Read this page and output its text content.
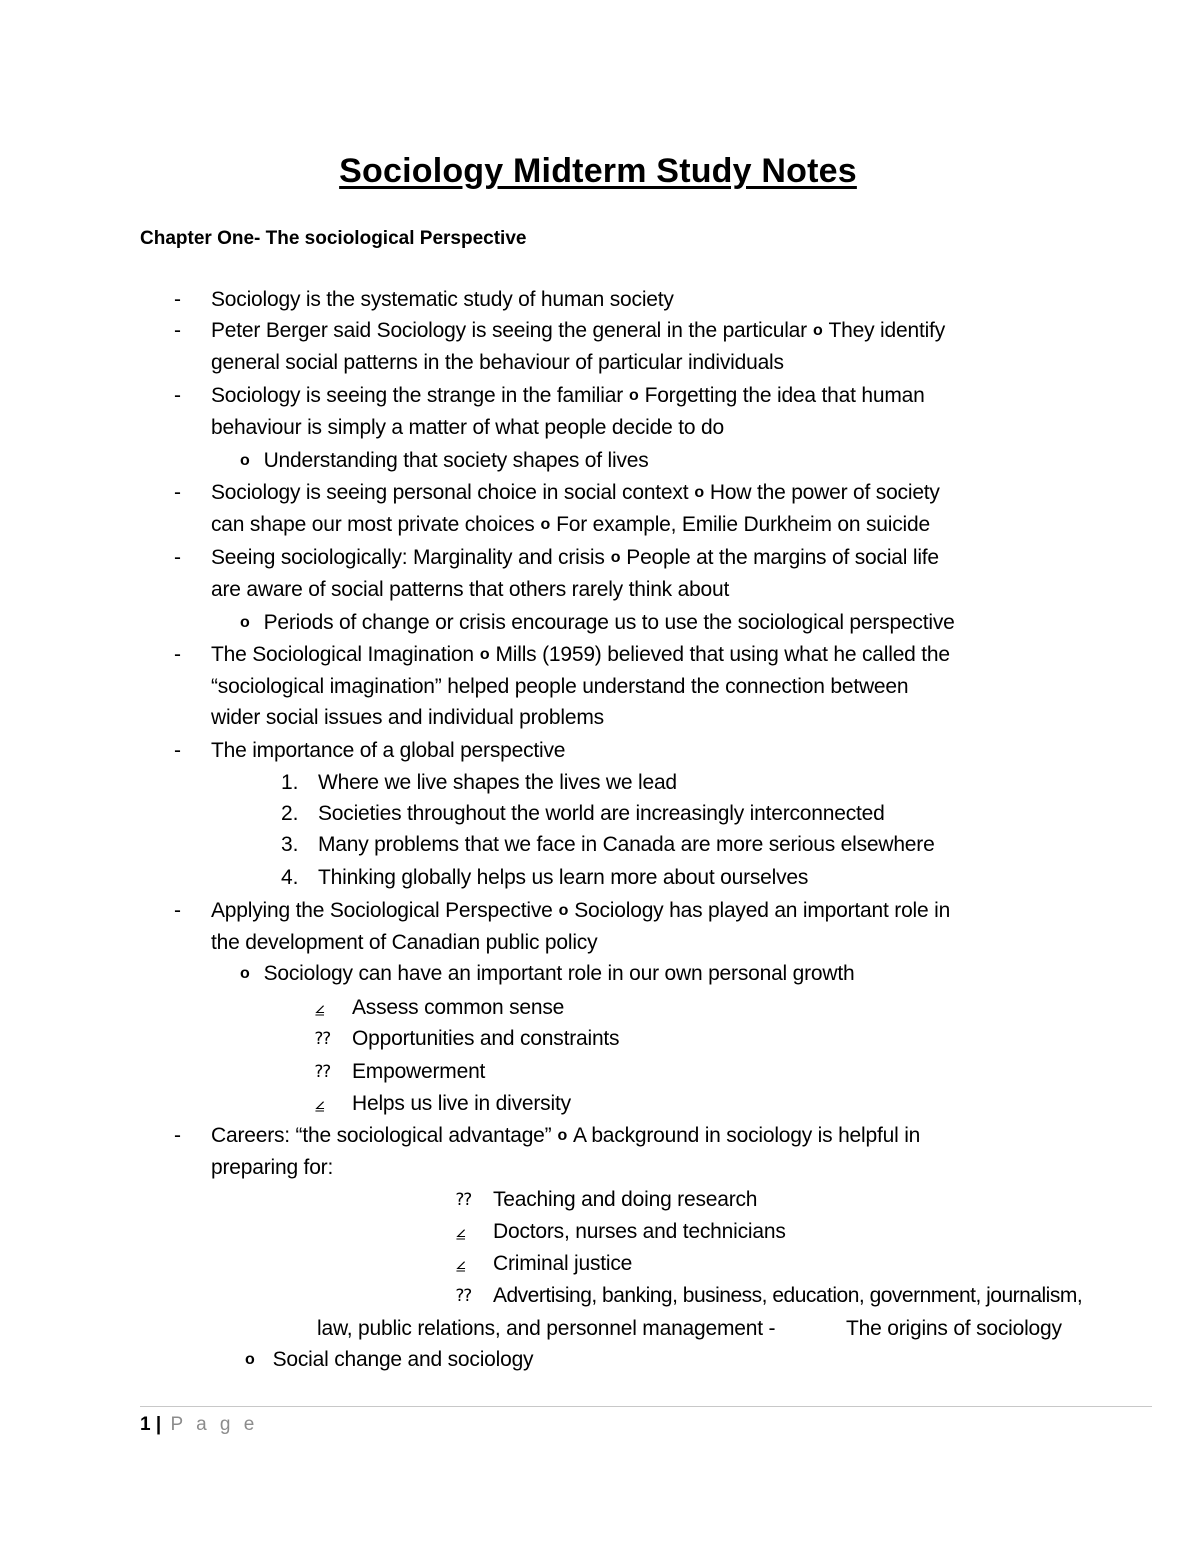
Sociology Midterm Study Notes
Chapter One- The sociological Perspective
- Sociology is the systematic study of human society
- Peter Berger said Sociology is seeing the general in the particular o They identify
general social patterns in the behaviour of particular individuals
- Sociology is seeing the strange in the familiar o Forgetting the idea that human
behaviour is simply a matter of what people decide to do
o Understanding that society shapes of lives
- Sociology is seeing personal choice in social context o How the power of society
can shape our most private choices o For example, Emilie Durkheim on suicide
- Seeing sociologically: Marginality and crisis o People at the margins of social life
are aware of social patterns that others rarely think about
o Periods of change or crisis encourage us to use the sociological perspective
- The Sociological Imagination o Mills (1959) believed that using what he called the
“sociological imagination” helped people understand the connection between
wider social issues and individual problems
- The importance of a global perspective
1. Where we live shapes the lives we lead
2. Societies throughout the world are increasingly interconnected
3. Many problems that we face in Canada are more serious elsewhere
4. Thinking globally helps us learn more about ourselves
- Applying the Sociological Perspective o Sociology has played an important role in
the development of Canadian public policy
o Sociology can have an important role in our own personal growth
⦤ Assess common sense
⁇ Opportunities and constraints
⁇ Empowerment
⦤ Helps us live in diversity
- Careers: “the sociological advantage” o A background in sociology is helpful in
preparing for:
⁇ Teaching and doing research
⦤ Doctors, nurses and technicians
⦤ Criminal justice
⁇ Advertising, banking, business, education, government, journalism,
law, public relations, and personnel management -	The origins of sociology
o Social change and sociology
1 | P a g e
